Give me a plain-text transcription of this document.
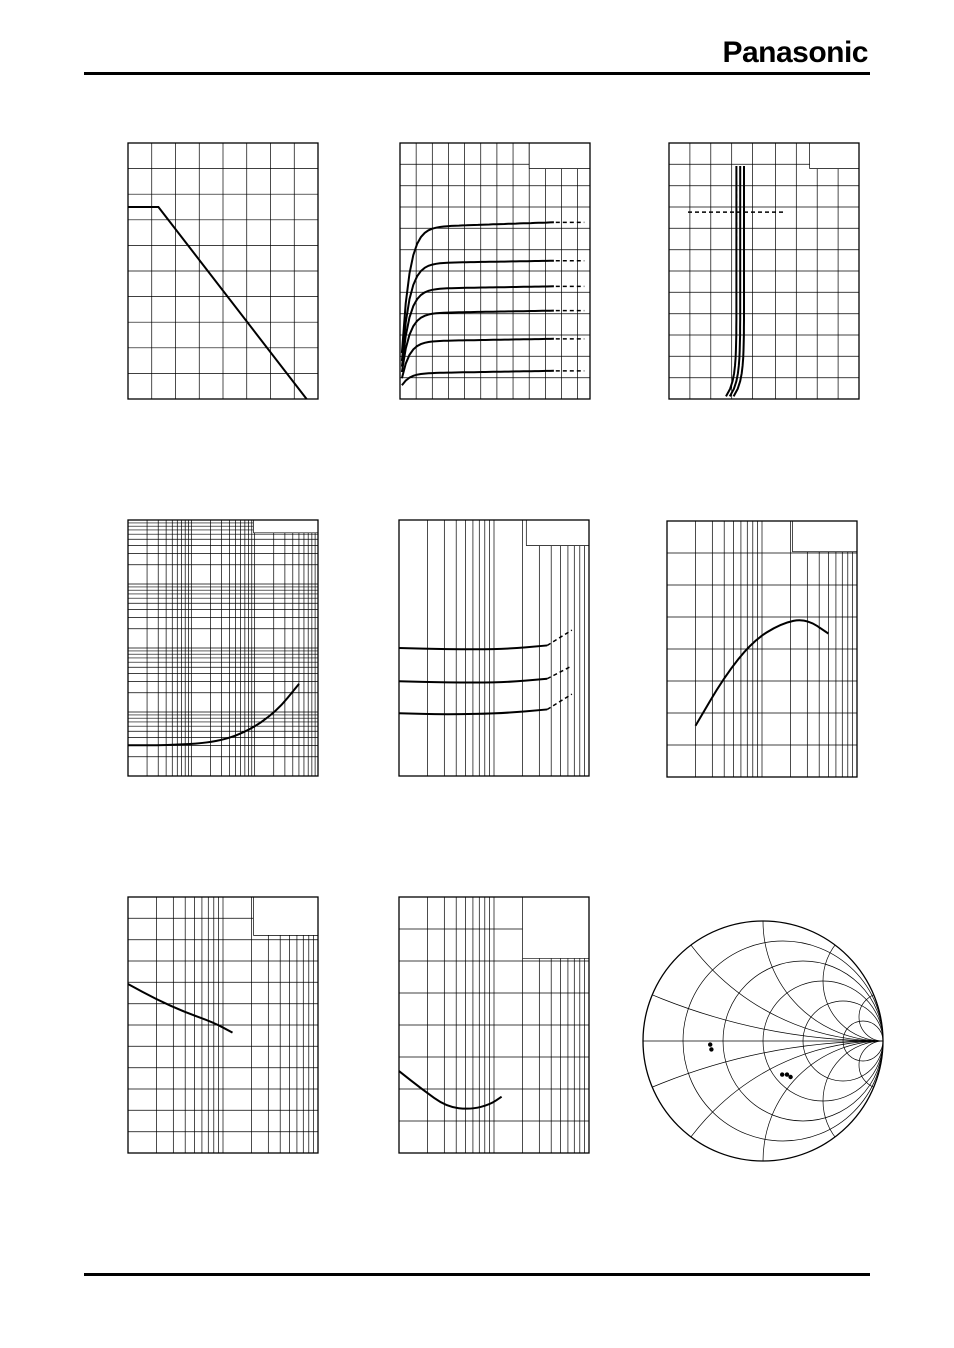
Panasonic
